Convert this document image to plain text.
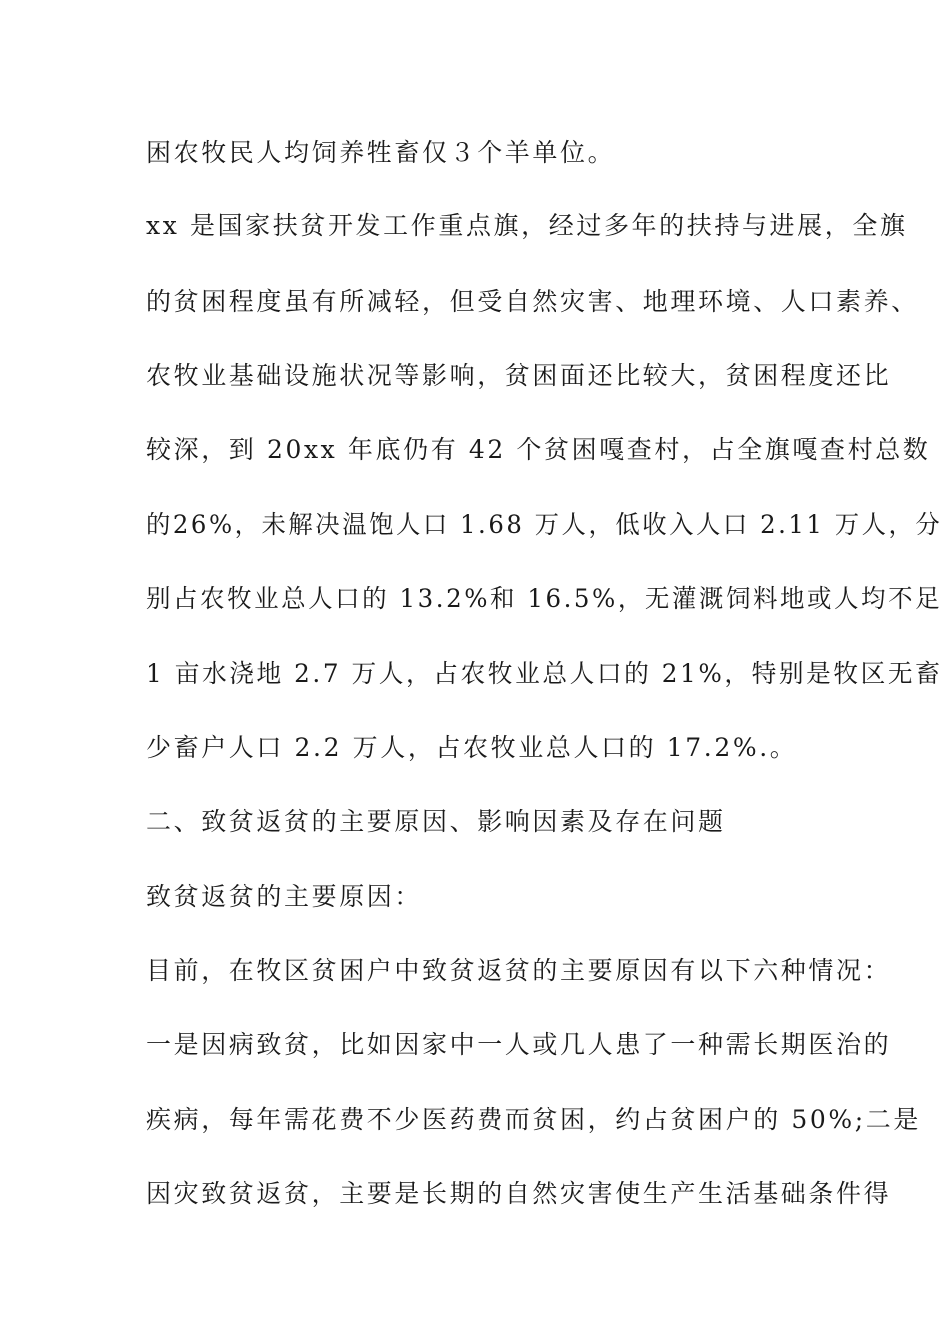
困农牧民人均饲养牲畜仅３个羊单位。
xx 是国家扶贫开发工作重点旗，经过多年的扶持与进展，全旗
的贫困程度虽有所减轻，但受自然灾害、地理环境、人口素养、
农牧业基础设施状况等影响，贫困面还比较大，贫困程度还比
较深，到 20xx 年底仍有 42 个贫困嘎查村，占全旗嘎查村总数
的26%，未解决温饱人口 1.68 万人，低收入人口 2.11 万人，分
别占农牧业总人口的 13.2%和 16.5%，无灌溉饲料地或人均不足
1 亩水浇地 2.7 万人，占农牧业总人口的 21%，特别是牧区无畜
少畜户人口 2.2 万人，占农牧业总人口的 17.2%.。
二、致贫返贫的主要原因、影响因素及存在问题
致贫返贫的主要原因：
目前，在牧区贫困户中致贫返贫的主要原因有以下六种情况：
一是因病致贫，比如因家中一人或几人患了一种需长期医治的
疾病，每年需花费不少医药费而贫困，约占贫困户的 50%;二是
因灾致贫返贫，主要是长期的自然灾害使生产生活基础条件得
